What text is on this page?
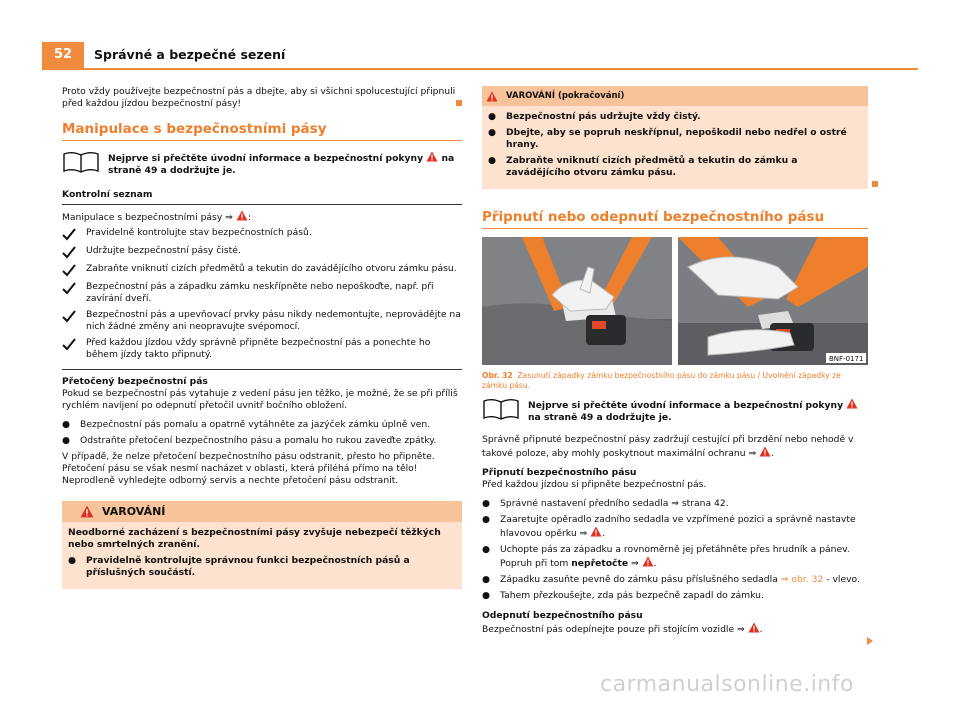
52	Správné a bezpečné sezení

Proto vždy používejte bezpečnostní pás a dbejte, aby si všichni spolucestující připnuli před každou jízdou bezpečnostní pásy!

Manipulace s bezpečnostními pásy
Nejprve si přečtěte úvodní informace a bezpečnostní pokyny na straně 49 a dodržujte je.
Kontrolní seznam
Manipulace s bezpečnostními pásy ⇒ :
Pravidelně kontrolujte stav bezpečnostních pásů.
Udržujte bezpečnostní pásy čisté.
Zabraňte vniknutí cizích předmětů a tekutin do zavádějícího otvoru zámku pásu.
Bezpečnostní pás a západku zámku neskřípněte nebo nepoškoďte, např. při zavírání dveří.
Bezpečnostní pás a upevňovací prvky pásu nikdy nedemontujte, neprovádějte na nich žádné změny ani neopravujte svépomocí.
Před každou jízdou vždy správně připněte bezpečnostní pás a ponechte ho během jízdy takto připnutý.

Přetočený bezpečnostní pás

Pokud se bezpečnostní pás vytahuje z vedení pásu jen těžko, je možné, že se při příliš rychlém navíjení po odepnutí přetočil uvnitř bočního obložení.

● Bezpečnostní pás pomalu a opatrně vytáhněte za jazýček zámku úplně ven.
● Odstraňte přetočení bezpečnostního pásu a pomalu ho rukou zaveďte zpátky.

V případě, že nelze přetočení bezpečnostního pásu odstranit, přesto ho připněte. Přetočení pásu se však nesmí nacházet v oblasti, která přiléhá přímo na tělo! Neprodleně vyhledejte odborný servis a nechte přetočení pásu odstranit.

VAROVÁNÍ

Neodborné zacházení s bezpečnostními pásy zvyšuje nebezpečí těžkých nebo smrtelných zranění.

● Pravidelně kontrolujte správnou funkci bezpečnostních pásů a příslušných součástí.
VAROVÁNÍ (pokračování)
● Bezpečnostní pás udržujte vždy čistý.
● Dbejte, aby se popruh neskřípnul, nepoškodil nebo nedřel o ostré hrany.
● Zabraňte vniknutí cizích předmětů a tekutin do zámku a zavádějícího otvoru zámku pásu.
Připnutí nebo odepnutí bezpečnostního pásu
BNF-0171
Obr. 32 Zasunutí západky zámku bezpečnostního pásu do zámku pásu / Uvolnění západky ze zámku pásu.
Nejprve si přečtěte úvodní informace a bezpečnostní pokyny  na straně 49 a dodržujte je.

Správně připnuté bezpečnostní pásy zadržují cestující při brzdění nebo nehodě v takové poloze, aby mohly poskytnout maximální ochranu ⇒ .

Připnutí bezpečnostního pásu

Před každou jízdou si připněte bezpečnostní pás.

● Správné nastavení předního sedadla ⇒ strana 42.
● Zaaretujte opěradlo zadního sedadla ve vzpřímené pozici a správně nastavte hlavovou opěrku ⇒ .
● Uchopte pás za západku a rovnoměrně jej přetáhněte přes hrudník a pánev. Popruh při tom nepřetočte ⇒ .
● Západku zasuňte pevně do zámku pásu příslušného sedadla ⇒ obr. 32 - vlevo.
● Tahem přezkoušejte, zda pás bezpečně zapadl do zámku.

Odepnutí bezpečnostního pásu

Bezpečnostní pás odepínejte pouze při stojícím vozidle ⇒ .

carmanualsonline.info
